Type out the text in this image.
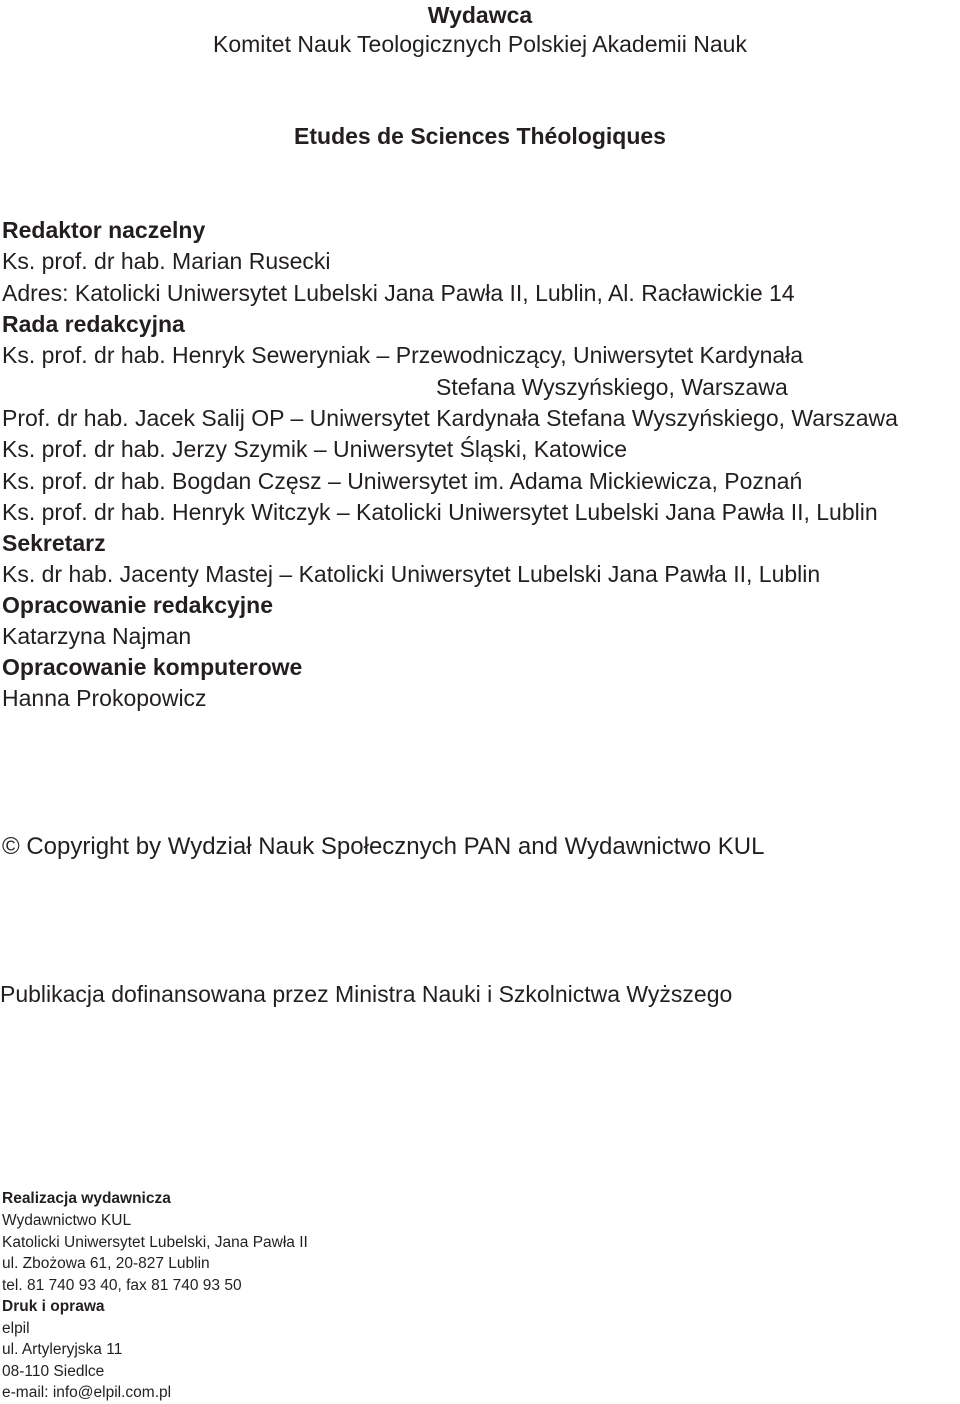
Wydawca
Komitet Nauk Teologicznych Polskiej Akademii Nauk
Etudes de Sciences Théologiques
Redaktor naczelny
Ks. prof. dr hab. Marian Rusecki
Adres: Katolicki Uniwersytet Lubelski Jana Pawła II, Lublin, Al. Racławickie 14
Rada redakcyjna
Ks. prof. dr hab. Henryk Seweryniak – Przewodniczący, Uniwersytet Kardynała
Stefana Wyszyńskiego, Warszawa
Prof. dr hab. Jacek Salij OP – Uniwersytet Kardynała Stefana Wyszyńskiego, Warszawa
Ks. prof. dr hab. Jerzy Szymik – Uniwersytet Śląski, Katowice
Ks. prof. dr hab. Bogdan Częsz – Uniwersytet im. Adama Mickiewicza, Poznań
Ks. prof. dr hab. Henryk Witczyk – Katolicki Uniwersytet Lubelski Jana Pawła II, Lublin
Sekretarz
Ks. dr hab. Jacenty Mastej – Katolicki Uniwersytet Lubelski Jana Pawła II, Lublin
Opracowanie redakcyjne
Katarzyna Najman
Opracowanie komputerowe
Hanna Prokopowicz
© Copyright by Wydział Nauk Społecznych PAN and Wydawnictwo KUL
Publikacja dofinansowana przez Ministra Nauki i Szkolnictwa Wyższego
Realizacja wydawnicza
Wydawnictwo KUL
Katolicki Uniwersytet Lubelski, Jana Pawła II
ul. Zbożowa 61, 20-827 Lublin
tel. 81 740 93 40, fax 81 740 93 50
Druk i oprawa
elpil
ul. Artyleryjska 11
08-110 Siedlce
e-mail: info@elpil.com.pl
